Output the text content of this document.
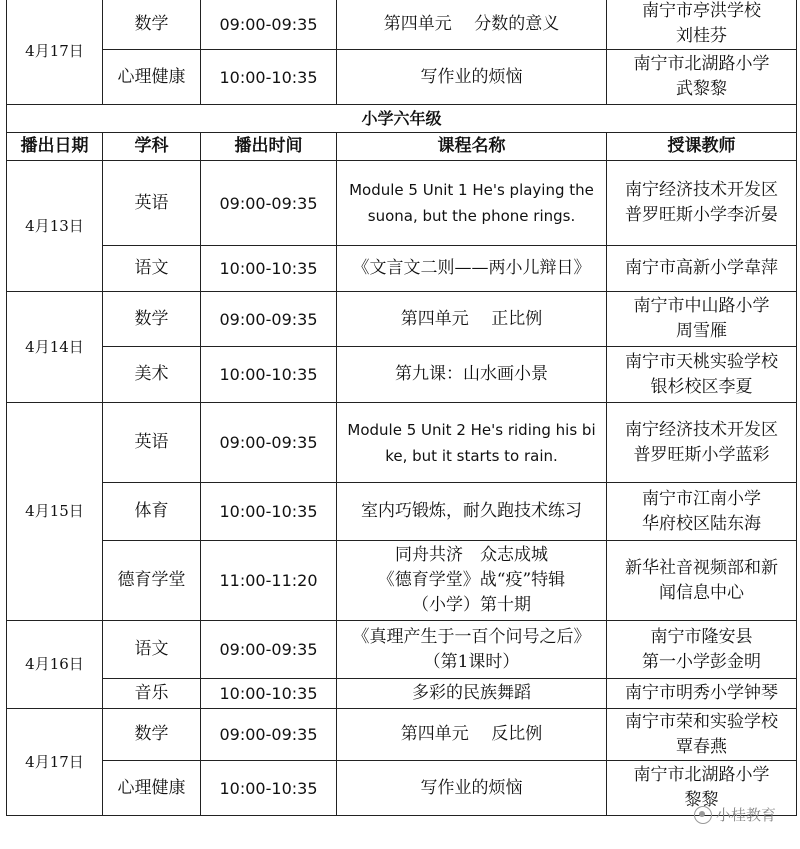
4月17日	数学	09:00-09:35	第四单元　 分数的意义	南宁市亭洪学校
刘桂芬

	心理健康	10:00-10:35	写作业的烦恼	南宁市北湖路小学
武黎黎

小学六年级				
播出日期	学科	播出时间	课程名称	授课教师
4月13日	英语	09:00-09:35	Module 5 Unit 1 He's playing the
suona, but the phone rings.	南宁经济技术开发区
普罗旺斯小学李沂晏

	语文	10:00-10:35	《文言文二则——两小儿辩日》	南宁市高新小学韋萍

4月14日	数学	09:00-09:35	第四单元　 正比例	南宁市中山路小学
周雪雁

	美术	10:00-10:35	第九课：山水画小景	南宁市天桃实验学校
银杉校区李夏

4月15日	英语	09:00-09:35	Module 5 Unit 2 He's riding his bi
ke, but it starts to rain.	南宁经济技术开发区
普罗旺斯小学蓝彩

	体育	10:00-10:35	室内巧锻炼，耐久跑技术练习	南宁市江南小学
华府校区陆东海

	德育学堂	11:00-11:20	同舟共济　众志成城
《德育学堂》战“疫”特辑
（小学）第十期	新华社音视频部和新
闻信息中心

4月16日	语文	09:00-09:35	《真理产生于一百个问号之后》
（第1课时）	南宁市隆安县
第一小学彭金明

	音乐	10:00-10:35	多彩的民族舞蹈	南宁市明秀小学钟琴

4月17日	数学	09:00-09:35	第四单元　 反比例	南宁市荣和实验学校
覃春燕

	心理健康	10:00-10:35	写作业的烦恼	南宁市北湖路小学
黎黎
小桂教育
